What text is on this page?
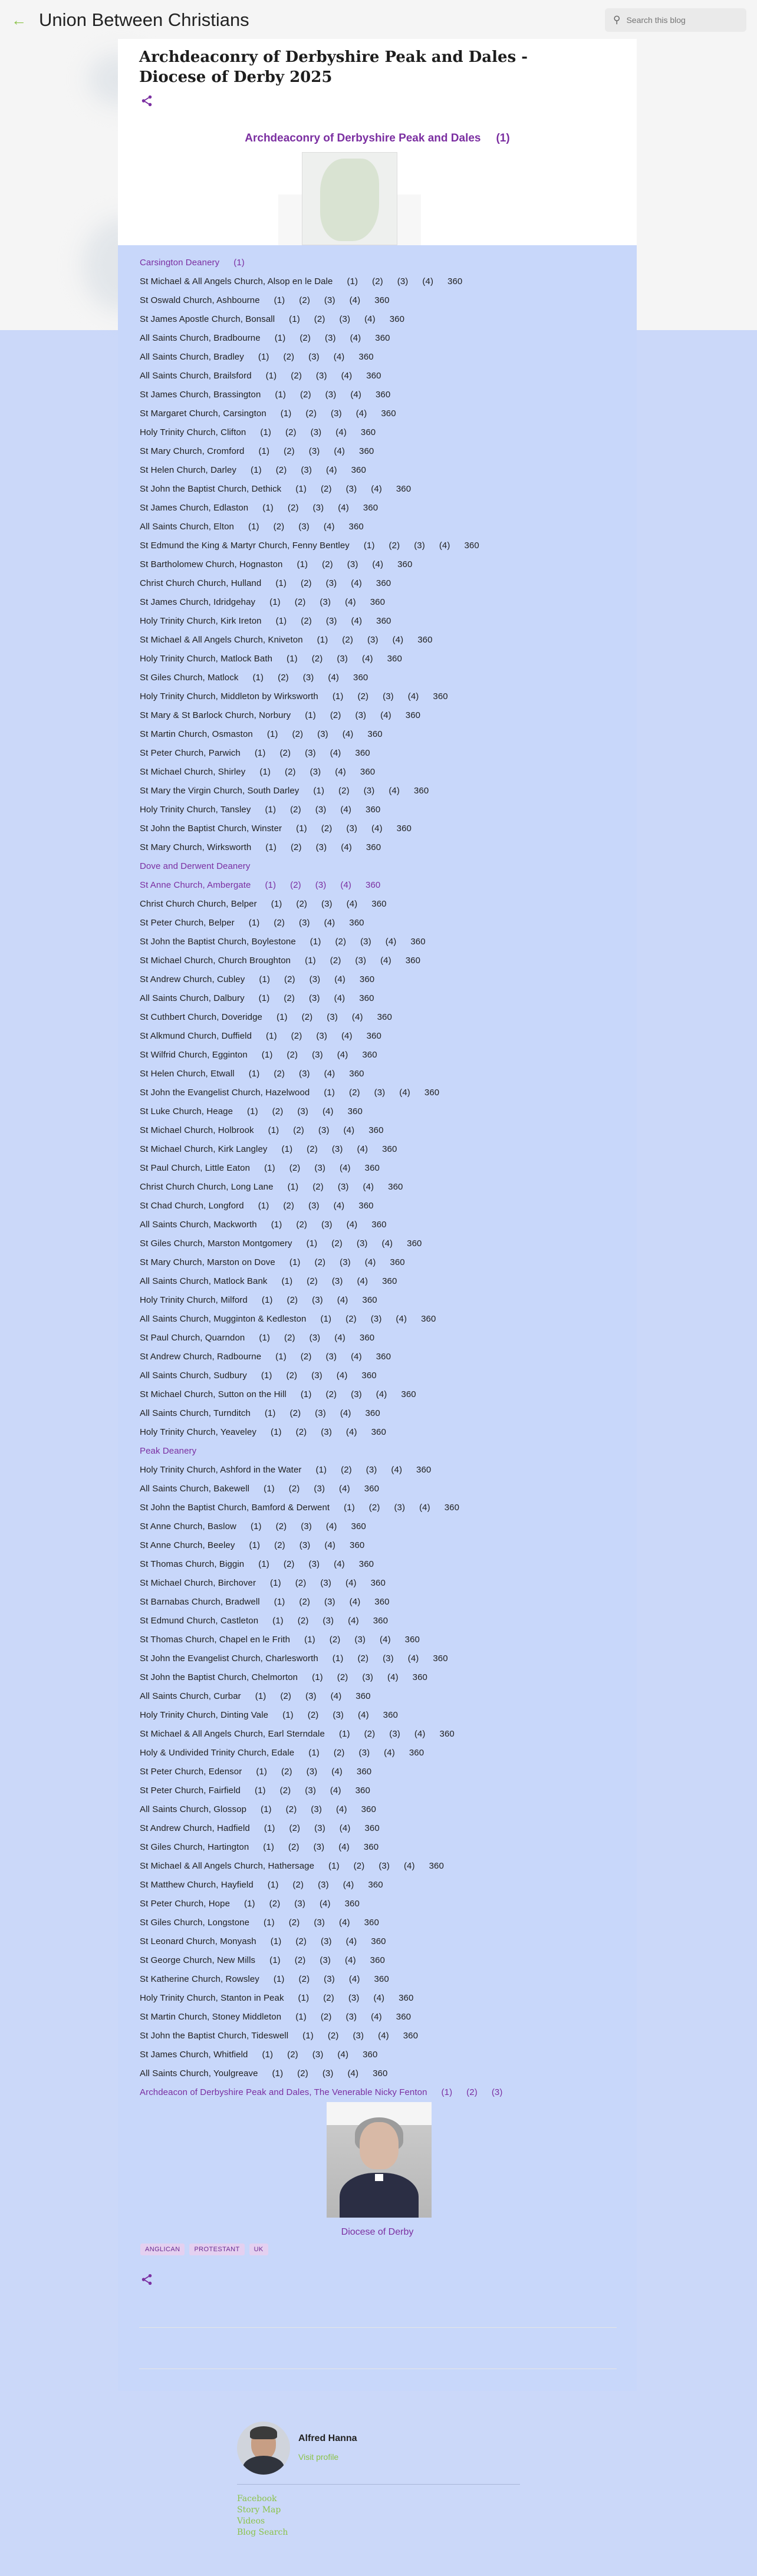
← Union Between Christians	⚲
Search this blog
Archdeaconry of Derbyshire Peak and Dales - Diocese of Derby 2025
Archdeaconry of Derbyshire Peak and Dales (1)
Carsington Deanery (1)
St Michael & All Angels Church, Alsop en le Dale (1) (2) (3) (4) 360
St Oswald Church, Ashbourne (1) (2) (3) (4) 360
St James Apostle Church, Bonsall (1) (2) (3) (4) 360
All Saints Church, Bradbourne (1) (2) (3) (4) 360
All Saints Church, Bradley (1) (2) (3) (4) 360
All Saints Church, Brailsford (1) (2) (3) (4) 360
St James Church, Brassington (1) (2) (3) (4) 360
St Margaret Church, Carsington (1) (2) (3) (4) 360
Holy Trinity Church, Clifton (1) (2) (3) (4) 360
St Mary Church, Cromford (1) (2) (3) (4) 360
St Helen Church, Darley (1) (2) (3) (4) 360
St John the Baptist Church, Dethick (1) (2) (3) (4) 360
St James Church, Edlaston (1) (2) (3) (4) 360
All Saints Church, Elton (1) (2) (3) (4) 360
St Edmund the King & Martyr Church, Fenny Bentley (1) (2) (3) (4) 360
St Bartholomew Church, Hognaston (1) (2) (3) (4) 360
Christ Church Church, Hulland (1) (2) (3) (4) 360
St James Church, Idridgehay (1) (2) (3) (4) 360
Holy Trinity Church, Kirk Ireton (1) (2) (3) (4) 360
St Michael & All Angels Church, Kniveton (1) (2) (3) (4) 360
Holy Trinity Church, Matlock Bath (1) (2) (3) (4) 360
St Giles Church, Matlock (1) (2) (3) (4) 360
Holy Trinity Church, Middleton by Wirksworth (1) (2) (3) (4) 360
St Mary & St Barlock Church, Norbury (1) (2) (3) (4) 360
St Martin Church, Osmaston (1) (2) (3) (4) 360
St Peter Church, Parwich (1) (2) (3) (4) 360
St Michael Church, Shirley (1) (2) (3) (4) 360
St Mary the Virgin Church, South Darley (1) (2) (3) (4) 360
Holy Trinity Church, Tansley (1) (2) (3) (4) 360
St John the Baptist Church, Winster (1) (2) (3) (4) 360
St Mary Church, Wirksworth (1) (2) (3) (4) 360
Dove and Derwent Deanery
St Anne Church, Ambergate (1) (2) (3) (4) 360
Christ Church Church, Belper (1) (2) (3) (4) 360
St Peter Church, Belper (1) (2) (3) (4) 360
St John the Baptist Church, Boylestone (1) (2) (3) (4) 360
St Michael Church, Church Broughton (1) (2) (3) (4) 360
St Andrew Church, Cubley (1) (2) (3) (4) 360
All Saints Church, Dalbury (1) (2) (3) (4) 360
St Cuthbert Church, Doveridge (1) (2) (3) (4) 360
St Alkmund Church, Duffield (1) (2) (3) (4) 360
St Wilfrid Church, Egginton (1) (2) (3) (4) 360
St Helen Church, Etwall (1) (2) (3) (4) 360
St John the Evangelist Church, Hazelwood (1) (2) (3) (4) 360
St Luke Church, Heage (1) (2) (3) (4) 360
St Michael Church, Holbrook (1) (2) (3) (4) 360
St Michael Church, Kirk Langley (1) (2) (3) (4) 360
St Paul Church, Little Eaton (1) (2) (3) (4) 360
Christ Church Church, Long Lane (1) (2) (3) (4) 360
St Chad Church, Longford (1) (2) (3) (4) 360
All Saints Church, Mackworth (1) (2) (3) (4) 360
St Giles Church, Marston Montgomery (1) (2) (3) (4) 360
St Mary Church, Marston on Dove (1) (2) (3) (4) 360
All Saints Church, Matlock Bank (1) (2) (3) (4) 360
Holy Trinity Church, Milford (1) (2) (3) (4) 360
All Saints Church, Mugginton & Kedleston (1) (2) (3) (4) 360
St Paul Church, Quarndon (1) (2) (3) (4) 360
St Andrew Church, Radbourne (1) (2) (3) (4) 360
All Saints Church, Sudbury (1) (2) (3) (4) 360
St Michael Church, Sutton on the Hill (1) (2) (3) (4) 360
All Saints Church, Turnditch (1) (2) (3) (4) 360
Holy Trinity Church, Yeaveley (1) (2) (3) (4) 360
Peak Deanery
Holy Trinity Church, Ashford in the Water (1) (2) (3) (4) 360
All Saints Church, Bakewell (1) (2) (3) (4) 360
St John the Baptist Church, Bamford & Derwent (1) (2) (3) (4) 360
St Anne Church, Baslow (1) (2) (3) (4) 360
St Anne Church, Beeley (1) (2) (3) (4) 360
St Thomas Church, Biggin (1) (2) (3) (4) 360
St Michael Church, Birchover (1) (2) (3) (4) 360
St Barnabas Church, Bradwell (1) (2) (3) (4) 360
St Edmund Church, Castleton (1) (2) (3) (4) 360
St Thomas Church, Chapel en le Frith (1) (2) (3) (4) 360
St John the Evangelist Church, Charlesworth (1) (2) (3) (4) 360
St John the Baptist Church, Chelmorton (1) (2) (3) (4) 360
All Saints Church, Curbar (1) (2) (3) (4) 360
Holy Trinity Church, Dinting Vale (1) (2) (3) (4) 360
St Michael & All Angels Church, Earl Sterndale (1) (2) (3) (4) 360
Holy & Undivided Trinity Church, Edale (1) (2) (3) (4) 360
St Peter Church, Edensor (1) (2) (3) (4) 360
St Peter Church, Fairfield (1) (2) (3) (4) 360
All Saints Church, Glossop (1) (2) (3) (4) 360
St Andrew Church, Hadfield (1) (2) (3) (4) 360
St Giles Church, Hartington (1) (2) (3) (4) 360
St Michael & All Angels Church, Hathersage (1) (2) (3) (4) 360
St Matthew Church, Hayfield (1) (2) (3) (4) 360
St Peter Church, Hope (1) (2) (3) (4) 360
St Giles Church, Longstone (1) (2) (3) (4) 360
St Leonard Church, Monyash (1) (2) (3) (4) 360
St George Church, New Mills (1) (2) (3) (4) 360
St Katherine Church, Rowsley (1) (2) (3) (4) 360
Holy Trinity Church, Stanton in Peak (1) (2) (3) (4) 360
St Martin Church, Stoney Middleton (1) (2) (3) (4) 360
St John the Baptist Church, Tideswell (1) (2) (3) (4) 360
St James Church, Whitfield (1) (2) (3) (4) 360
All Saints Church, Youlgreave (1) (2) (3) (4) 360
Archdeacon of Derbyshire Peak and Dales, The Venerable Nicky Fenton (1) (2) (3)
Diocese of Derby
ANGLICAN	PROTESTANT	UK
Alfred Hanna
Visit profile
Facebook
Story Map
Videos
Blog Search
